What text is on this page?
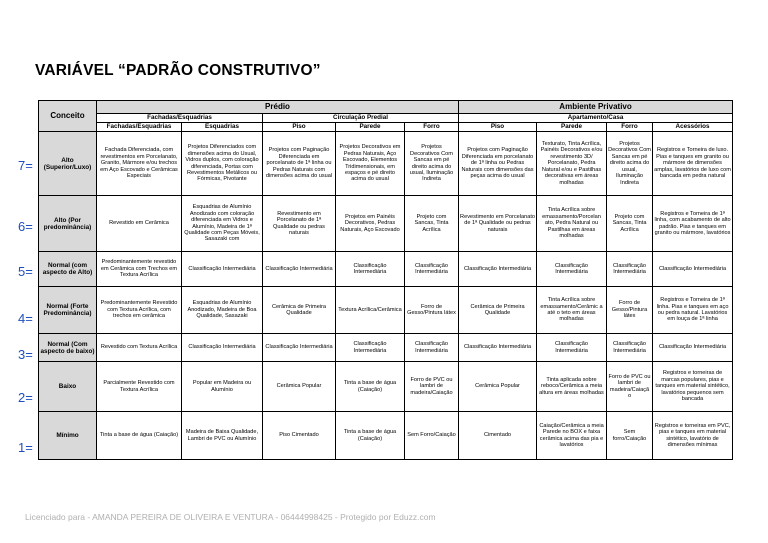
VARIÁVEL “PADRÃO CONSTRUTIVO”
7=
6=
5=
4=
3=
2=
1=
Conceito	Prédio					Ambiente Privativo			
	Fachadas/Esquadrias		Circulação Predial			Apartamento/Casa			
	Fachadas/Esquadrias	Esquadrias	Piso	Parede	Forro	Piso	Parede	Forro	Acessórios
Alto (Superior/Luxo)	Fachada Diferenciada, com revestimentos em Porcelanato, Granito, Mármore e/ou trechos em Aço Escovado e Cerâmicas Especiais	Projetos Diferenciados com dimensões acima do Usual, Vidros duplos, com coloração diferenciada, Portas com Revestimentos Metálicos ou Fórmicas, Pivotante	Projetos com Paginação Diferenciada em porcelanato de 1ª linha ou Pedras Naturais com dimensões acima do usual	Projetos Decorativos em Pedras Naturais, Aço Escovado, Elementos Tridimensionais, em espaços e pé direito acima do usual	Projetos Decorativos Com Sancas em pé direito acima do usual, Iluminação Indireta	Projetos com Paginação Diferenciada em porcelanato de 1ª linha ou Pedras Naturais com dimensões das peças acima do usual	Texturato, Tinta Acrílica, Painéis Decorativos e/ou revestimento 3D/ Porcelanato, Pedra Natural e/ou e Pastilhas decorativas em áreas molhadas	Projetos Decorativos Com Sancas em pé direito acima do usual, Iluminação Indireta	Registros e Torneira de luxo. Pias e tanques em granito ou mármore de dimensões amplas, lavatórios de luxo com bancada em pedra natural
Alto (Por predominância)	Revestido em Cerâmica	Esquadrias de Alumínio Anodizado com coloração diferenciada em Vidros e Alumínio, Madeira de 1ª Qualidade com Peças Móveis, Sasazaki com	Revestimento em Porcelanato de 1ª Qualidade ou pedras naturais	Projetos em Painéis Decorativos, Pedras Naturais, Aço Escovado	Projeto com Sancas, Tinta Acrílica	Revestimento em Porcelanato de 1ª Qualidade ou pedras naturais	Tinta Acrílica sobre emassamento/Porcelan ato, Pedra Natural ou Pastilhas em áreas molhadas	Projeto com Sancas, Tinta Acrílica	Registros e Torneira de 1ª linha, com acabamento de alto padrão. Pias e tanques em granito ou mármore, lavatórios
Normal (com aspecto de Alto)	Predominantemente revestido em Cerâmica com Trechos em Textura Acrílica	Classificação Intermediária	Classificação Intermediária	Classificação Intermediária	Classificação Intermediária	Classificação Intermediária	Classificação Intermediária	Classificação Intermediária	Classificação Intermediária
Normal (Forte Predominância)	Predominantemente Revestido com Textura Acrílica, com trechos em cerâmica	Esquadrias de Alumínio Anodizado, Madeira de Boa Qualidade, Sasazaki	Cerâmica de Primeira Qualidade	Textura Acrílica/Cerâmica	Forro de Gesso/Pintura látex	Cerâmica de Primeira Qualidade	Tinta Acrílica sobre emassamento/Cerâmic a até o teto em áreas molhadas	Forro de Gesso/Pintura látex	Registros e Torneira de 1ª linha. Pias e tanques em aço ou pedra natural. Lavatórios em louça de 1ª linha
Normal (Com aspecto de baixo)	Revestido com Textura Acrílica	Classificação Intermediária	Classificação Intermediária	Classificação Intermediária	Classificação Intermediária	Classificação Intermediária	Classificação Intermediária	Classificação Intermediária	Classificação Intermediária
Baixo	Parcialmente Revestido com Textura Acrílica	Popular em Madeira ou Alumínio	Cerâmica Popular	Tinta a base de água (Caiação)	Forro de PVC ou lambri de madeira/Caiação	Cerâmica Popular	Tinta aplicada sobre reboco/Cerâmica a meia altura em áreas molhadas	Forro de PVC ou lambri de madeira/Caiaçã o	Registros e torneiras de marcas populares, pias e tanques em material sintético, lavatórios pequenos sem bancada
Mínimo	Tinta a base de água (Caiação)	Madeira de Baixa Qualidade, Lambri de PVC ou Alumínio	Piso Cimentado	Tinta a base de água (Caiação)	Sem Forro/Caiação	Cimentado	Caiação/Cerâmica a meia Parede no BOX e faixa cerâmica acima das pia e lavatórios	Sem forro/Caiação	Registros e torneiras em PVC, pias e tanques em material sintético, lavatório de dimensões mínimas
Licenciado para - AMANDA PEREIRA DE OLIVEIRA E VENTURA - 06444998425 - Protegido por Eduzz.com
